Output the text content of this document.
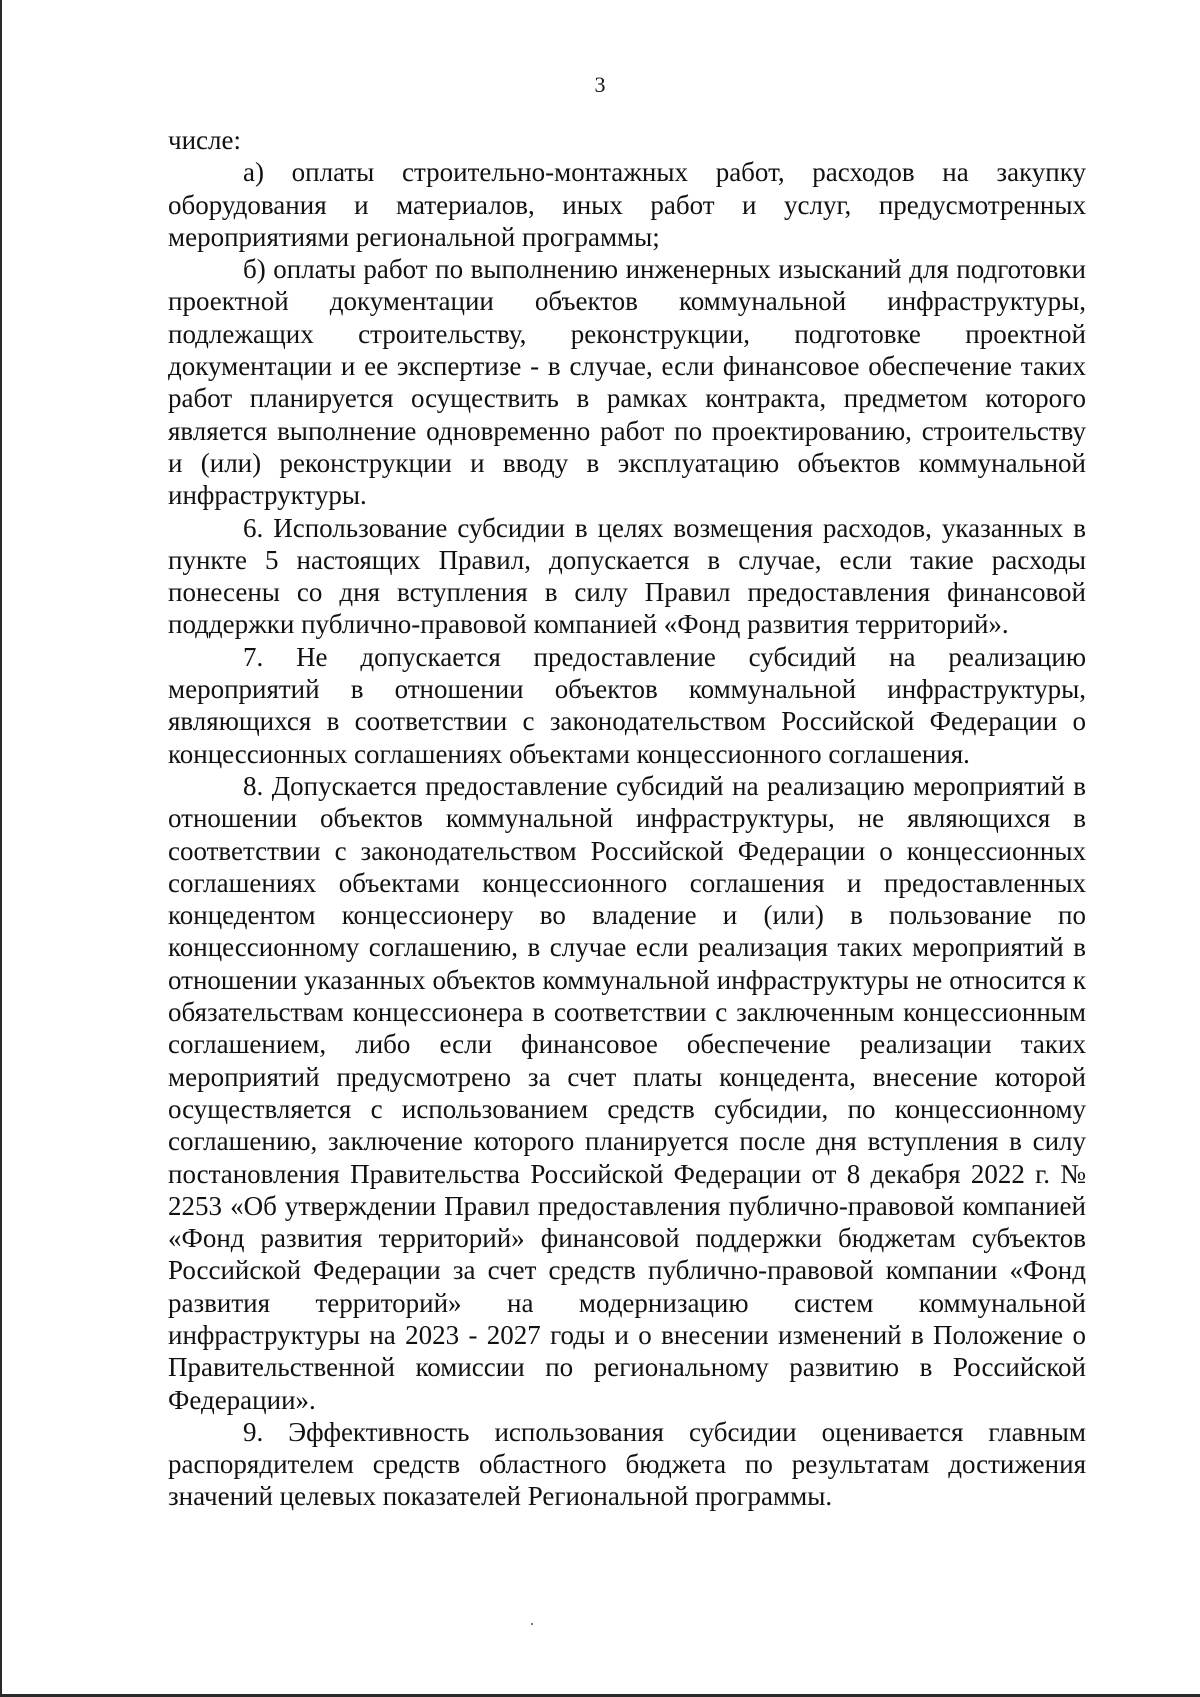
3

числе:

а) оплаты строительно-монтажных работ, расходов на закупку оборудования и материалов, иных работ и услуг, предусмотренных мероприятиями региональной программы;

б) оплаты работ по выполнению инженерных изысканий для подготовки проектной документации объектов коммунальной инфраструктуры, подлежащих строительству, реконструкции, подготовке проектной документации и ее экспертизе - в случае, если финансовое обеспечение таких работ планируется осуществить в рамках контракта, предметом которого является выполнение одновременно работ по проектированию, строительству и (или) реконструкции и вводу в эксплуатацию объектов коммунальной инфраструктуры.

6. Использование субсидии в целях возмещения расходов, указанных в пункте 5 настоящих Правил, допускается в случае, если такие расходы понесены со дня вступления в силу Правил предоставления финансовой поддержки публично-правовой компанией «Фонд развития территорий».

7. Не допускается предоставление субсидий на реализацию мероприятий в отношении объектов коммунальной инфраструктуры, являющихся в соответствии с законодательством Российской Федерации о концессионных соглашениях объектами концессионного соглашения.

8. Допускается предоставление субсидий на реализацию мероприятий в отношении объектов коммунальной инфраструктуры, не являющихся в соответствии с законодательством Российской Федерации о концессионных соглашениях объектами концессионного соглашения и предоставленных концедентом концессионеру во владение и (или) в пользование по концессионному соглашению, в случае если реализация таких мероприятий в отношении указанных объектов коммунальной инфраструктуры не относится к обязательствам концессионера в соответствии с заключенным концессионным соглашением, либо если финансовое обеспечение реализации таких мероприятий предусмотрено за счет платы концедента, внесение которой осуществляется с использованием средств субсидии, по концессионному соглашению, заключение которого планируется после дня вступления в силу постановления Правительства Российской Федерации от 8 декабря 2022 г. № 2253 «Об утверждении Правил предоставления публично-правовой компанией «Фонд развития территорий» финансовой поддержки бюджетам субъектов Российской Федерации за счет средств публично-правовой компании «Фонд развития территорий» на модернизацию систем коммунальной инфраструктуры на 2023 - 2027 годы и о внесении изменений в Положение о Правительственной комиссии по региональному развитию в Российской Федерации».

9. Эффективность использования субсидии оценивается главным распорядителем средств областного бюджета по результатам достижения значений целевых показателей Региональной программы.
